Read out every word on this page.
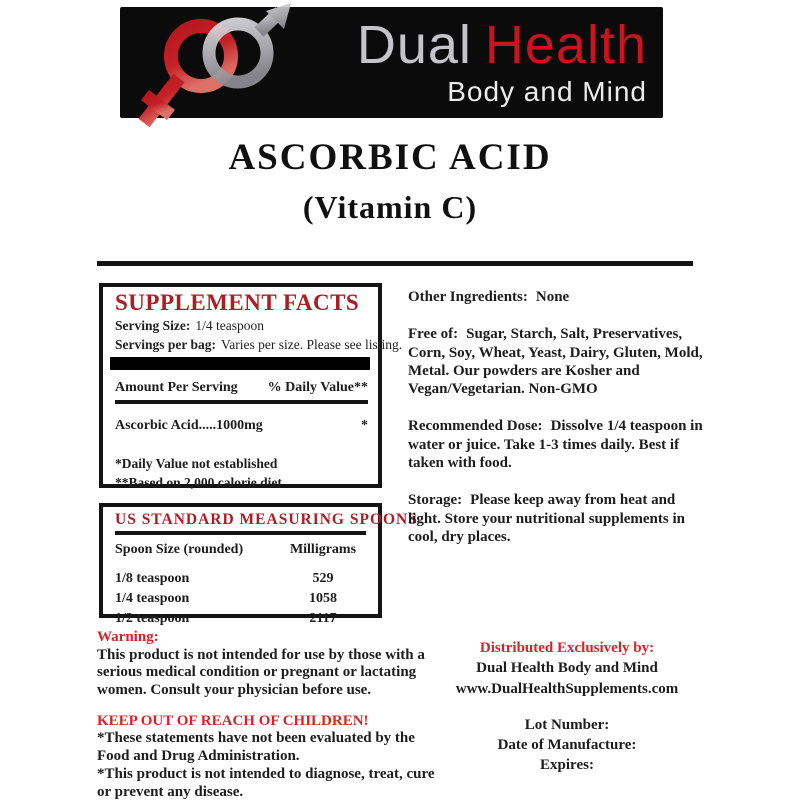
Dual Health
Body and Mind
ASCORBIC ACID
(Vitamin C)
SUPPLEMENT FACTS
Serving Size: 1/4 teaspoon
Servings per bag: Varies per size. Please see listing.
Amount Per Serving % Daily Value**
Ascorbic Acid.....1000mg	*
*Daily Value not established
**Based on 2,000 calorie diet
US STANDARD MEASURING SPOONS
Spoon Size (rounded)	Milligrams
1/8 teaspoon	529
1/4 teaspoon	1058
1/2 teaspoon	2117

Other Ingredients: None

Free of: Sugar, Starch, Salt, Preservatives, Corn, Soy, Wheat, Yeast, Dairy, Gluten, Mold, Metal. Our powders are Kosher and Vegan/Vegetarian. Non-GMO

Recommended Dose: Dissolve 1/4 teaspoon in water or juice. Take 1-3 times daily. Best if taken with food.

Storage: Please keep away from heat and light. Store your nutritional supplements in cool, dry places.

Warning:

This product is not intended for use by those with a serious medical condition or pregnant or lactating women. Consult your physician before use.

KEEP OUT OF REACH OF CHILDREN!

*These statements have not been evaluated by the Food and Drug Administration.

*This product is not intended to diagnose, treat, cure or prevent any disease.

Distributed Exclusively by:
Dual Health Body and Mind
www.DualHealthSupplements.com
Lot Number:
Date of Manufacture:
Expires:
